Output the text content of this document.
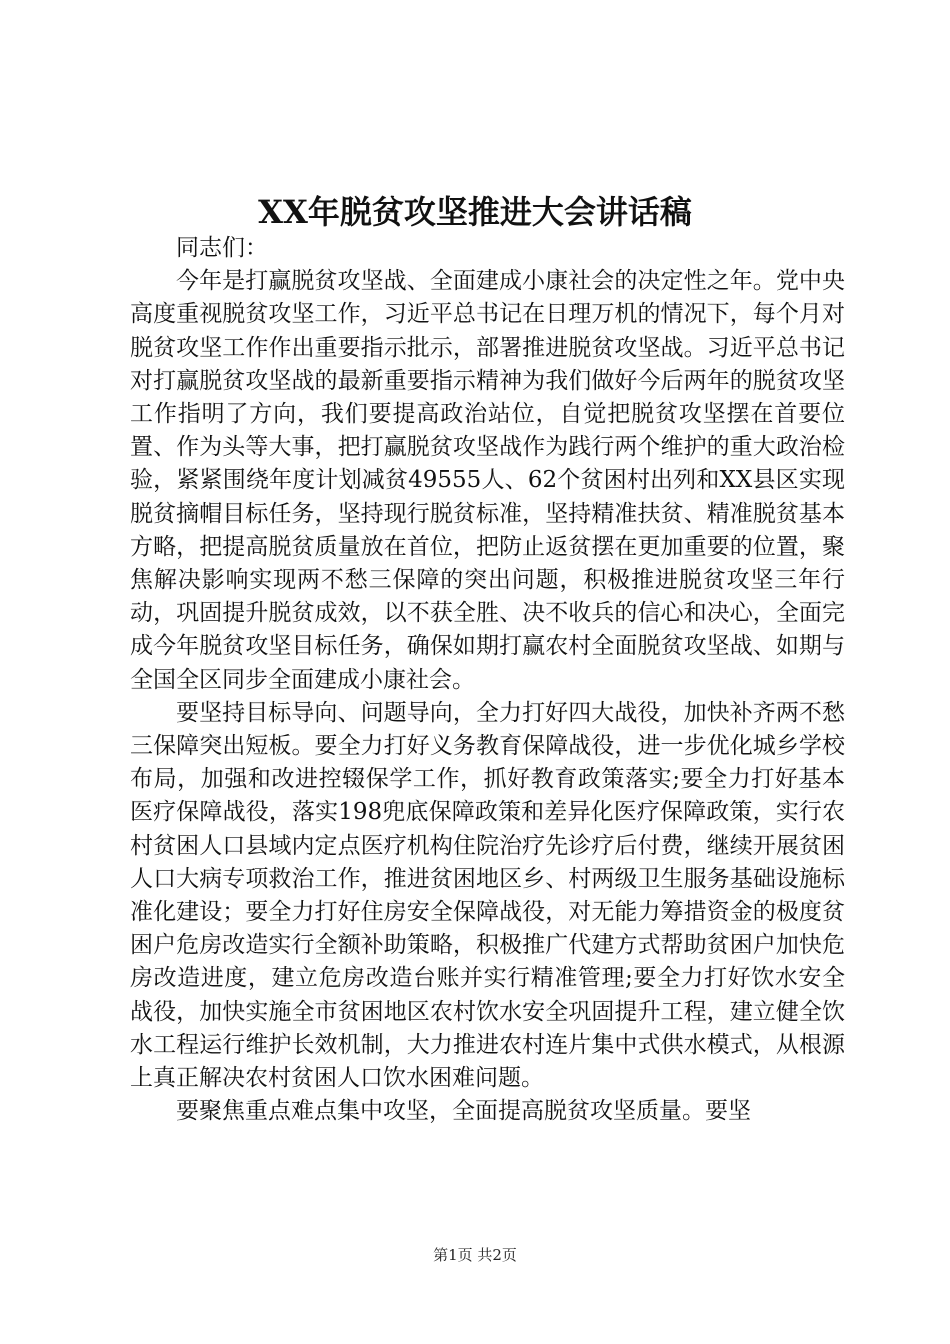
XX年脱贫攻坚推进大会讲话稿

同志们：

今年是打赢脱贫攻坚战、全面建成小康社会的决定性之年。党中央高度重视脱贫攻坚工作，习近平总书记在日理万机的情况下，每个月对脱贫攻坚工作作出重要指示批示，部署推进脱贫攻坚战。习近平总书记对打赢脱贫攻坚战的最新重要指示精神为我们做好今后两年的脱贫攻坚工作指明了方向，我们要提高政治站位，自觉把脱贫攻坚摆在首要位置、作为头等大事，把打赢脱贫攻坚战作为践行两个维护的重大政治检验，紧紧围绕年度计划减贫49555人、62个贫困村出列和XX县区实现脱贫摘帽目标任务，坚持现行脱贫标准，坚持精准扶贫、精准脱贫基本方略，把提高脱贫质量放在首位，把防止返贫摆在更加重要的位置，聚焦解决影响实现两不愁三保障的突出问题，积极推进脱贫攻坚三年行动，巩固提升脱贫成效，以不获全胜、决不收兵的信心和决心，全面完成今年脱贫攻坚目标任务，确保如期打赢农村全面脱贫攻坚战、如期与全国全区同步全面建成小康社会。

要坚持目标导向、问题导向，全力打好四大战役，加快补齐两不愁三保障突出短板。要全力打好义务教育保障战役，进一步优化城乡学校布局，加强和改进控辍保学工作，抓好教育政策落实;要全力打好基本医疗保障战役，落实198兜底保障政策和差异化医疗保障政策，实行农村贫困人口县域内定点医疗机构住院治疗先诊疗后付费，继续开展贫困人口大病专项救治工作，推进贫困地区乡、村两级卫生服务基础设施标准化建设；要全力打好住房安全保障战役，对无能力筹措资金的极度贫困户危房改造实行全额补助策略，积极推广代建方式帮助贫困户加快危房改造进度，建立危房改造台账并实行精准管理;要全力打好饮水安全战役，加快实施全市贫困地区农村饮水安全巩固提升工程，建立健全饮水工程运行维护长效机制，大力推进农村连片集中式供水模式，从根源上真正解决农村贫困人口饮水困难问题。

要聚焦重点难点集中攻坚，全面提高脱贫攻坚质量。要坚

第1页 共2页
